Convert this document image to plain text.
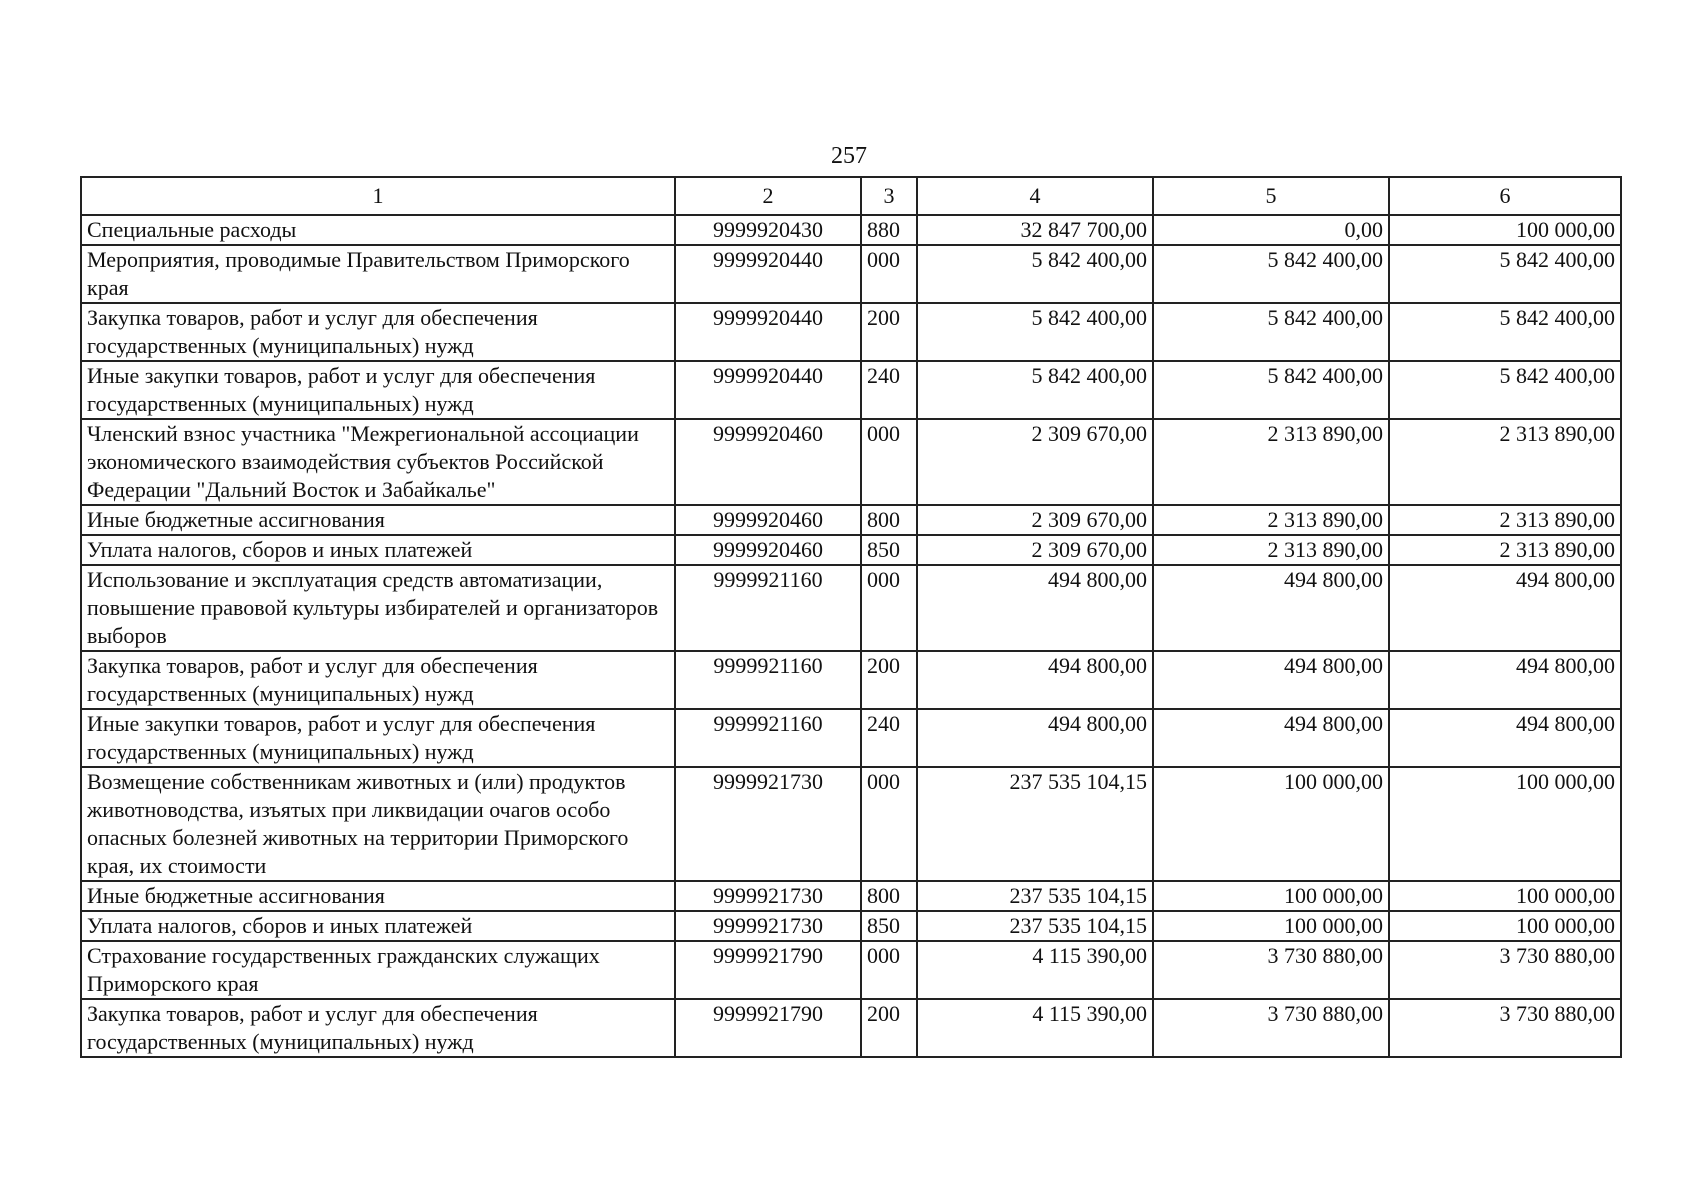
257
1	2	3	4	5	6
Специальные расходы	9999920430	880	32 847 700,00	0,00	100 000,00
Мероприятия, проводимые Правительством Приморского края	9999920440	000	5 842 400,00	5 842 400,00	5 842 400,00
Закупка товаров, работ и услуг для обеспечения государственных (муниципальных) нужд	9999920440	200	5 842 400,00	5 842 400,00	5 842 400,00
Иные закупки товаров, работ и услуг для обеспечения государственных (муниципальных) нужд	9999920440	240	5 842 400,00	5 842 400,00	5 842 400,00
Членский взнос участника "Межрегиональной ассоциации экономического взаимодействия субъектов Российской Федерации "Дальний Восток и Забайкалье"	9999920460	000	2 309 670,00	2 313 890,00	2 313 890,00
Иные бюджетные ассигнования	9999920460	800	2 309 670,00	2 313 890,00	2 313 890,00
Уплата налогов, сборов и иных платежей	9999920460	850	2 309 670,00	2 313 890,00	2 313 890,00
Использование и эксплуатация средств автоматизации, повышение правовой культуры избирателей и организаторов выборов	9999921160	000	494 800,00	494 800,00	494 800,00
Закупка товаров, работ и услуг для обеспечения государственных (муниципальных) нужд	9999921160	200	494 800,00	494 800,00	494 800,00
Иные закупки товаров, работ и услуг для обеспечения государственных (муниципальных) нужд	9999921160	240	494 800,00	494 800,00	494 800,00
Возмещение собственникам животных и (или) продуктов животноводства, изъятых при ликвидации очагов особо опасных болезней животных на территории Приморского края, их стоимости	9999921730	000	237 535 104,15	100 000,00	100 000,00
Иные бюджетные ассигнования	9999921730	800	237 535 104,15	100 000,00	100 000,00
Уплата налогов, сборов и иных платежей	9999921730	850	237 535 104,15	100 000,00	100 000,00
Страхование государственных гражданских служащих Приморского края	9999921790	000	4 115 390,00	3 730 880,00	3 730 880,00
Закупка товаров, работ и услуг для обеспечения государственных (муниципальных) нужд	9999921790	200	4 115 390,00	3 730 880,00	3 730 880,00
